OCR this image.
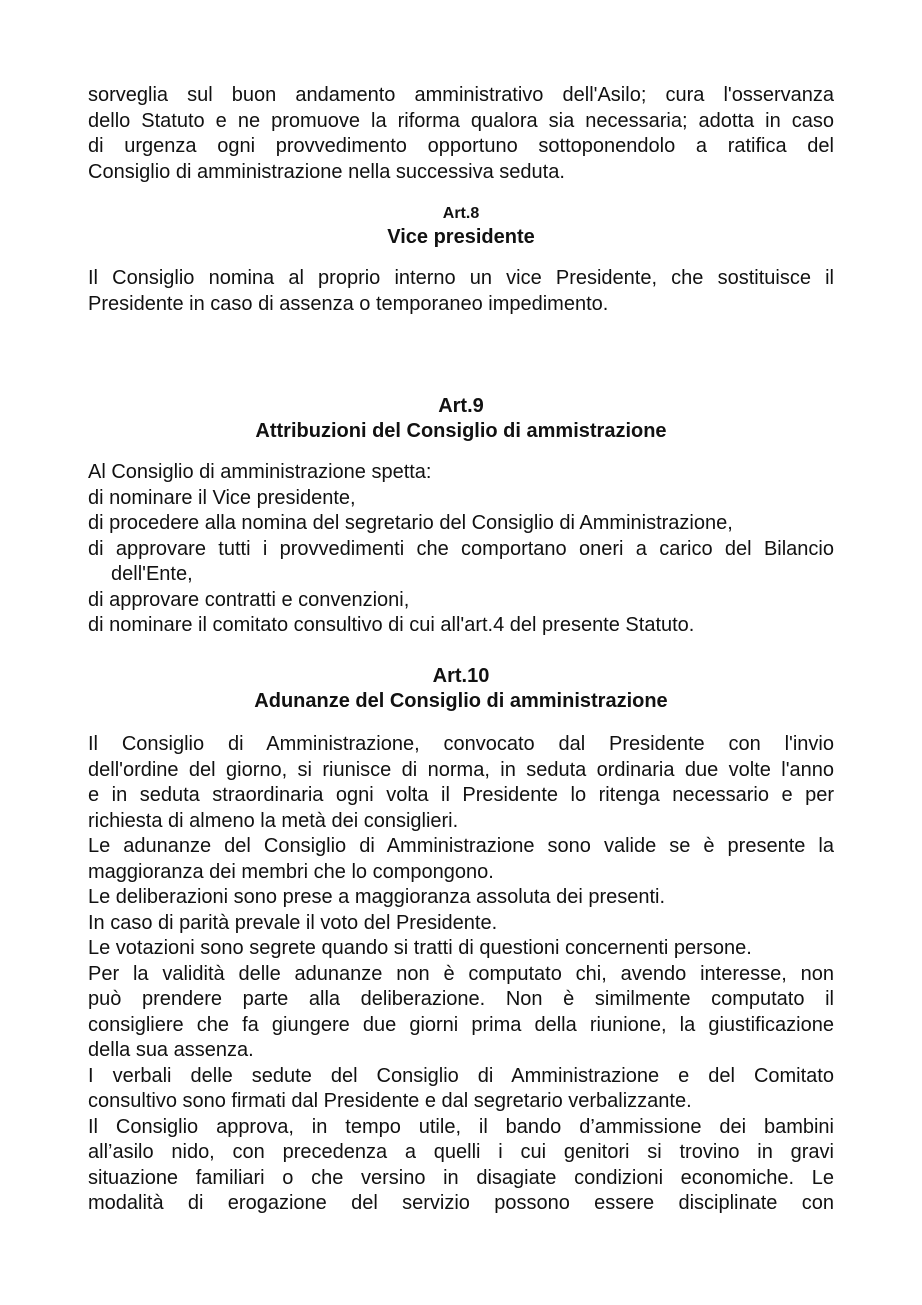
sorveglia sul buon andamento amministrativo dell'Asilo; cura l'osservanza
dello Statuto e ne promuove la riforma qualora sia necessaria; adotta in caso
di urgenza ogni provvedimento opportuno sottoponendolo a ratifica del
Consiglio di amministrazione nella successiva seduta.
Art.8
Vice presidente
Il Consiglio nomina al proprio interno un vice Presidente, che sostituisce il
Presidente in caso di assenza o temporaneo impedimento.
Art.9
Attribuzioni del Consiglio di ammistrazione
Al Consiglio di amministrazione spetta:
di nominare il Vice presidente,
di procedere alla nomina del segretario del Consiglio di Amministrazione,
di approvare tutti i provvedimenti che comportano oneri a carico del Bilancio dell'Ente,
di approvare contratti e convenzioni,
di nominare il comitato consultivo di cui all'art.4 del presente Statuto.
Art.10
Adunanze del Consiglio di amministrazione
Il Consiglio di Amministrazione, convocato dal Presidente con l'invio
dell'ordine del giorno, si riunisce di norma, in seduta ordinaria due volte l'anno
e in seduta straordinaria ogni volta il Presidente lo ritenga necessario e per
richiesta di almeno la metà dei consiglieri.
Le adunanze del Consiglio di Amministrazione sono valide se è presente la
maggioranza dei membri che lo compongono.
Le deliberazioni sono prese a maggioranza assoluta dei presenti.
In caso di parità prevale il voto del Presidente.
Le votazioni sono segrete quando si tratti di questioni concernenti persone.
Per la validità delle adunanze non è computato chi, avendo interesse, non
può prendere parte alla deliberazione. Non è similmente computato il
consigliere che fa giungere due giorni prima della riunione, la giustificazione
della sua assenza.
I verbali delle sedute del Consiglio di Amministrazione e del Comitato
consultivo sono firmati dal Presidente e dal segretario verbalizzante.
Il Consiglio approva, in tempo utile, il bando d’ammissione dei bambini
all’asilo nido, con precedenza a quelli i cui genitori si trovino in gravi
situazione familiari o che versino in disagiate condizioni economiche. Le
modalità di erogazione del servizio possono essere disciplinate con
